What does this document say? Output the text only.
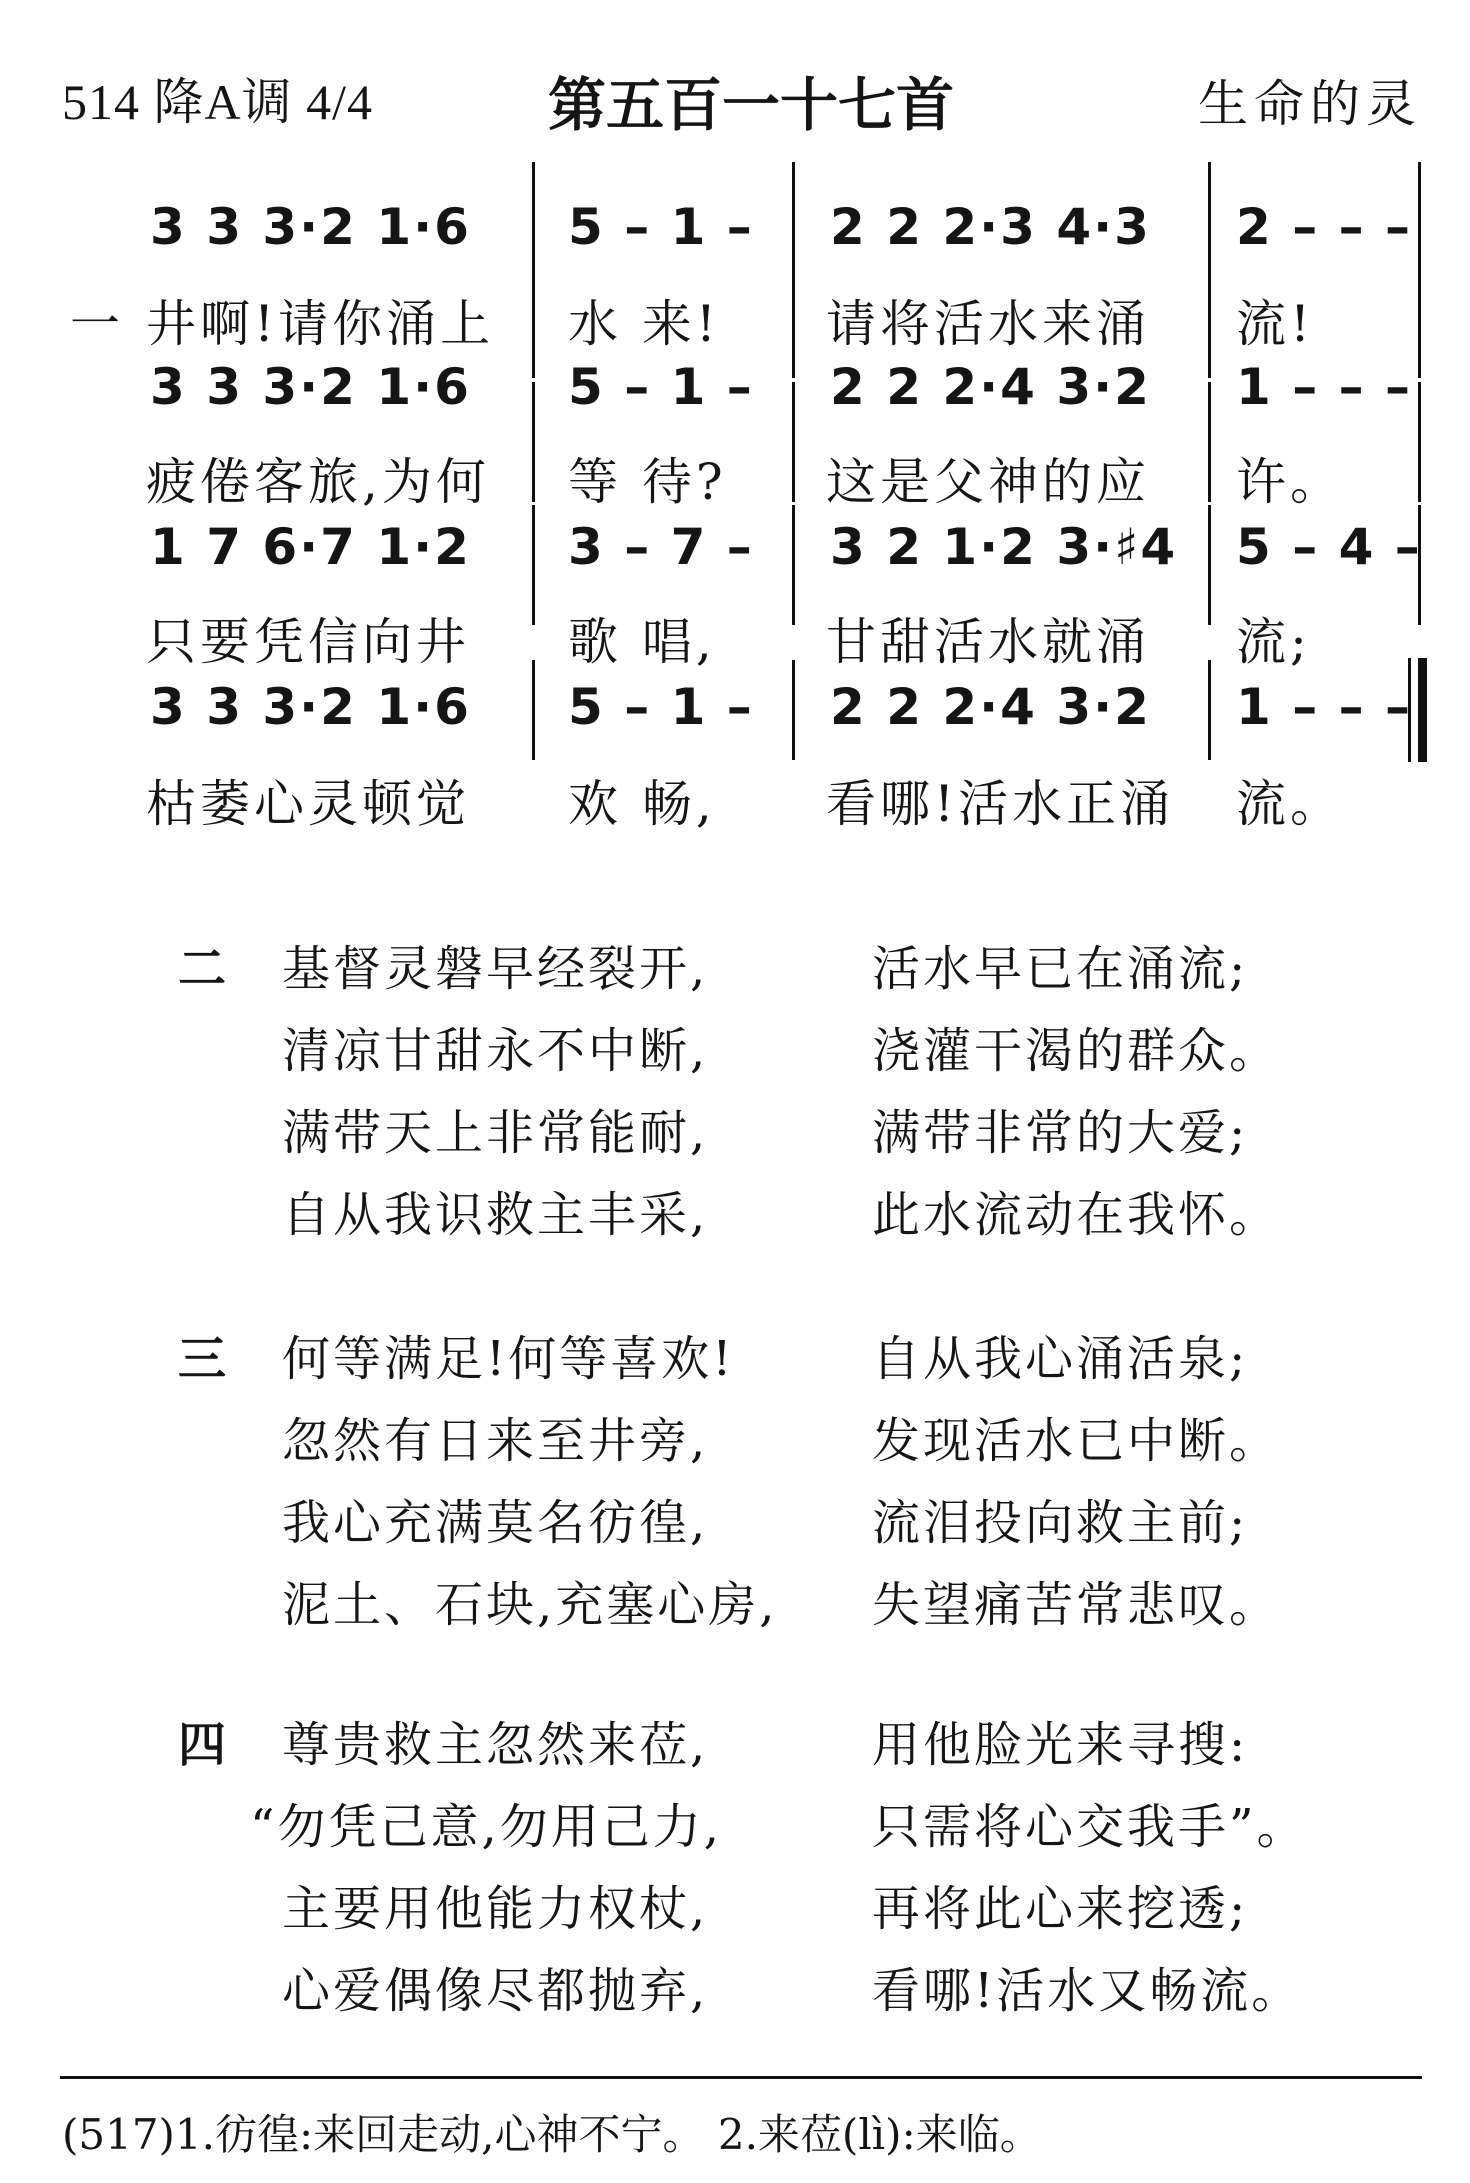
514 降A调 4/4	第五百一十七首	生命的灵
一
3 3 3·2 1·6 5 – 1 – 2 2 2·3 4·3 2 – – –
井啊!请你涌上 水 来! 请将活水来涌 流!
3 3 3·2 1·6 5 – 1 – 2 2 2·4 3·2 1 – – –
疲倦客旅,为何 等 待? 这是父神的应 许。
1 7 6·7 1·2 3 – 7 – 3 2 1·2 3·♯4 5 – 4 –
只要凭信向井 歌 唱, 甘甜活水就涌 流;
3 3 3·2 1·6 5 – 1 – 2 2 2·4 3·2 1 – – –
枯萎心灵顿觉 欢 畅, 看哪!活水正涌 流。
二 基督灵磐早经裂开,	活水早已在涌流;
清凉甘甜永不中断,	浇灌干渴的群众。
满带天上非常能耐,	满带非常的大爱;
自从我识救主丰采,	此水流动在我怀。
三 何等满足!何等喜欢!	自从我心涌活泉;
忽然有日来至井旁,	发现活水已中断。
我心充满莫名彷徨,	流泪投向救主前;
泥土、石块,充塞心房, 失望痛苦常悲叹。
四 尊贵救主忽然来莅,	用他脸光来寻搜:
“勿凭己意,勿用己力,	只需将心交我手”。
主要用他能力权杖,	再将此心来挖透;
心爱偶像尽都抛弃,	看哪!活水又畅流。
(517)1.彷徨:来回走动,心神不宁。 2.来莅(lì):来临。
